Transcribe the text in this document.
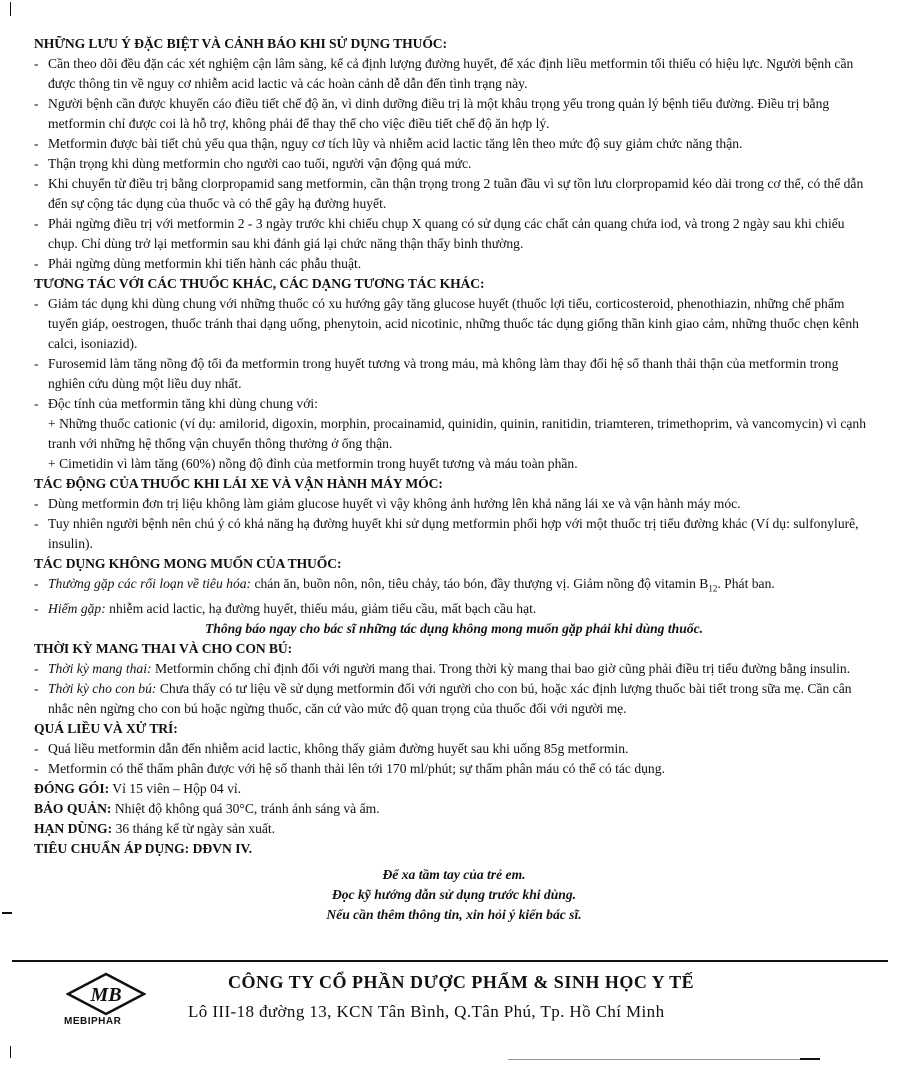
NHỮNG LƯU Ý ĐẶC BIỆT VÀ CẢNH BÁO KHI SỬ DỤNG THUỐC:

- Cần theo dõi đều đặn các xét nghiệm cận lâm sàng, kể cả định lượng đường huyết, để xác định liều metformin tối thiểu có hiệu lực. Người bệnh cần được thông tin về nguy cơ nhiễm acid lactic và các hoàn cảnh dễ dẫn đến tình trạng này.

- Người bệnh cần được khuyến cáo điều tiết chế độ ăn, vì dinh dưỡng điều trị là một khâu trọng yếu trong quản lý bệnh tiểu đường. Điều trị bằng metformin chỉ được coi là hỗ trợ, không phải để thay thế cho việc điều tiết chế độ ăn hợp lý.

- Metformin được bài tiết chủ yếu qua thận, nguy cơ tích lũy và nhiễm acid lactic tăng lên theo mức độ suy giảm chức năng thận.

- Thận trọng khi dùng metformin cho người cao tuổi, người vận động quá mức.

- Khi chuyển từ điều trị bằng clorpropamid sang metformin, cần thận trọng trong 2 tuần đầu vì sự tồn lưu clorpropamid kéo dài trong cơ thể, có thể dẫn đến sự cộng tác dụng của thuốc và có thể gây hạ đường huyết.

- Phải ngừng điều trị với metformin 2 - 3 ngày trước khi chiếu chụp X quang có sử dụng các chất cản quang chứa iod, và trong 2 ngày sau khi chiếu chụp. Chỉ dùng trở lại metformin sau khi đánh giá lại chức năng thận thấy bình thường.

- Phải ngừng dùng metformin khi tiến hành các phẫu thuật.

TƯƠNG TÁC VỚI CÁC THUỐC KHÁC, CÁC DẠNG TƯƠNG TÁC KHÁC:

- Giảm tác dụng khi dùng chung với những thuốc có xu hướng gây tăng glucose huyết (thuốc lợi tiểu, corticosteroid, phenothiazin, những chế phẩm tuyến giáp, oestrogen, thuốc tránh thai dạng uống, phenytoin, acid nicotinic, những thuốc tác dụng giống thần kinh giao cảm, những thuốc chẹn kênh calci, isoniazid).

- Furosemid làm tăng nồng độ tối đa metformin trong huyết tương và trong máu, mà không làm thay đổi hệ số thanh thải thận của metformin trong nghiên cứu dùng một liều duy nhất.

- Độc tính của metformin tăng khi dùng chung với:

+ Những thuốc cationic (ví dụ: amilorid, digoxin, morphin, procainamid, quinidin, quinin, ranitidin, triamteren, trimethoprim, và vancomycin) vì cạnh tranh với những hệ thống vận chuyển thông thường ở ống thận.

+ Cimetidin vì làm tăng (60%) nồng độ đỉnh của metformin trong huyết tương và máu toàn phần.

TÁC ĐỘNG CỦA THUỐC KHI LÁI XE VÀ VẬN HÀNH MÁY MÓC:

- Dùng metformin đơn trị liệu không làm giảm glucose huyết vì vậy không ảnh hưởng lên khả năng lái xe và vận hành máy móc.

- Tuy nhiên người bệnh nên chú ý có khả năng hạ đường huyết khi sử dụng metformin phối hợp với một thuốc trị tiểu đường khác (Ví dụ: sulfonylurê, insulin).

TÁC DỤNG KHÔNG MONG MUỐN CỦA THUỐC:

- Thường gặp các rối loạn về tiêu hóa: chán ăn, buồn nôn, nôn, tiêu chảy, táo bón, đầy thượng vị. Giảm nồng độ vitamin $B_{12}$. Phát ban.

- Hiếm gặp: nhiễm acid lactic, hạ đường huyết, thiếu máu, giảm tiểu cầu, mất bạch cầu hạt.

Thông báo ngay cho bác sĩ những tác dụng không mong muốn gặp phải khi dùng thuốc.

THỜI KỲ MANG THAI VÀ CHO CON BÚ:

- Thời kỳ mang thai: Metformin chống chỉ định đối với người mang thai. Trong thời kỳ mang thai bao giờ cũng phải điều trị tiểu đường bằng insulin.

- Thời kỳ cho con bú: Chưa thấy có tư liệu về sử dụng metformin đối với người cho con bú, hoặc xác định lượng thuốc bài tiết trong sữa mẹ. Cần cân nhắc nên ngừng cho con bú hoặc ngừng thuốc, căn cứ vào mức độ quan trọng của thuốc đối với người mẹ.

QUÁ LIỀU VÀ XỬ TRÍ:

- Quá liều metformin dẫn đến nhiễm acid lactic, không thấy giảm đường huyết sau khi uống 85g metformin.

- Metformin có thể thẩm phân được với hệ số thanh thải lên tới 170 ml/phút; sự thẩm phân máu có thể có tác dụng.

ĐÓNG GÓI: Vỉ 15 viên – Hộp 04 vỉ.

BẢO QUẢN: Nhiệt độ không quá 30°C, tránh ánh sáng và ẩm.

HẠN DÙNG: 36 tháng kể từ ngày sản xuất.

TIÊU CHUẨN ÁP DỤNG: DĐVN IV.

Để xa tầm tay của trẻ em.

Đọc kỹ hướng dẫn sử dụng trước khi dùng.

Nếu cần thêm thông tin, xin hỏi ý kiến bác sĩ.

MB
MEBIPHAR
CÔNG TY CỔ PHẦN DƯỢC PHẨM & SINH HỌC Y TẾ
Lô III-18 đường 13, KCN Tân Bình, Q.Tân Phú, Tp. Hồ Chí Minh
